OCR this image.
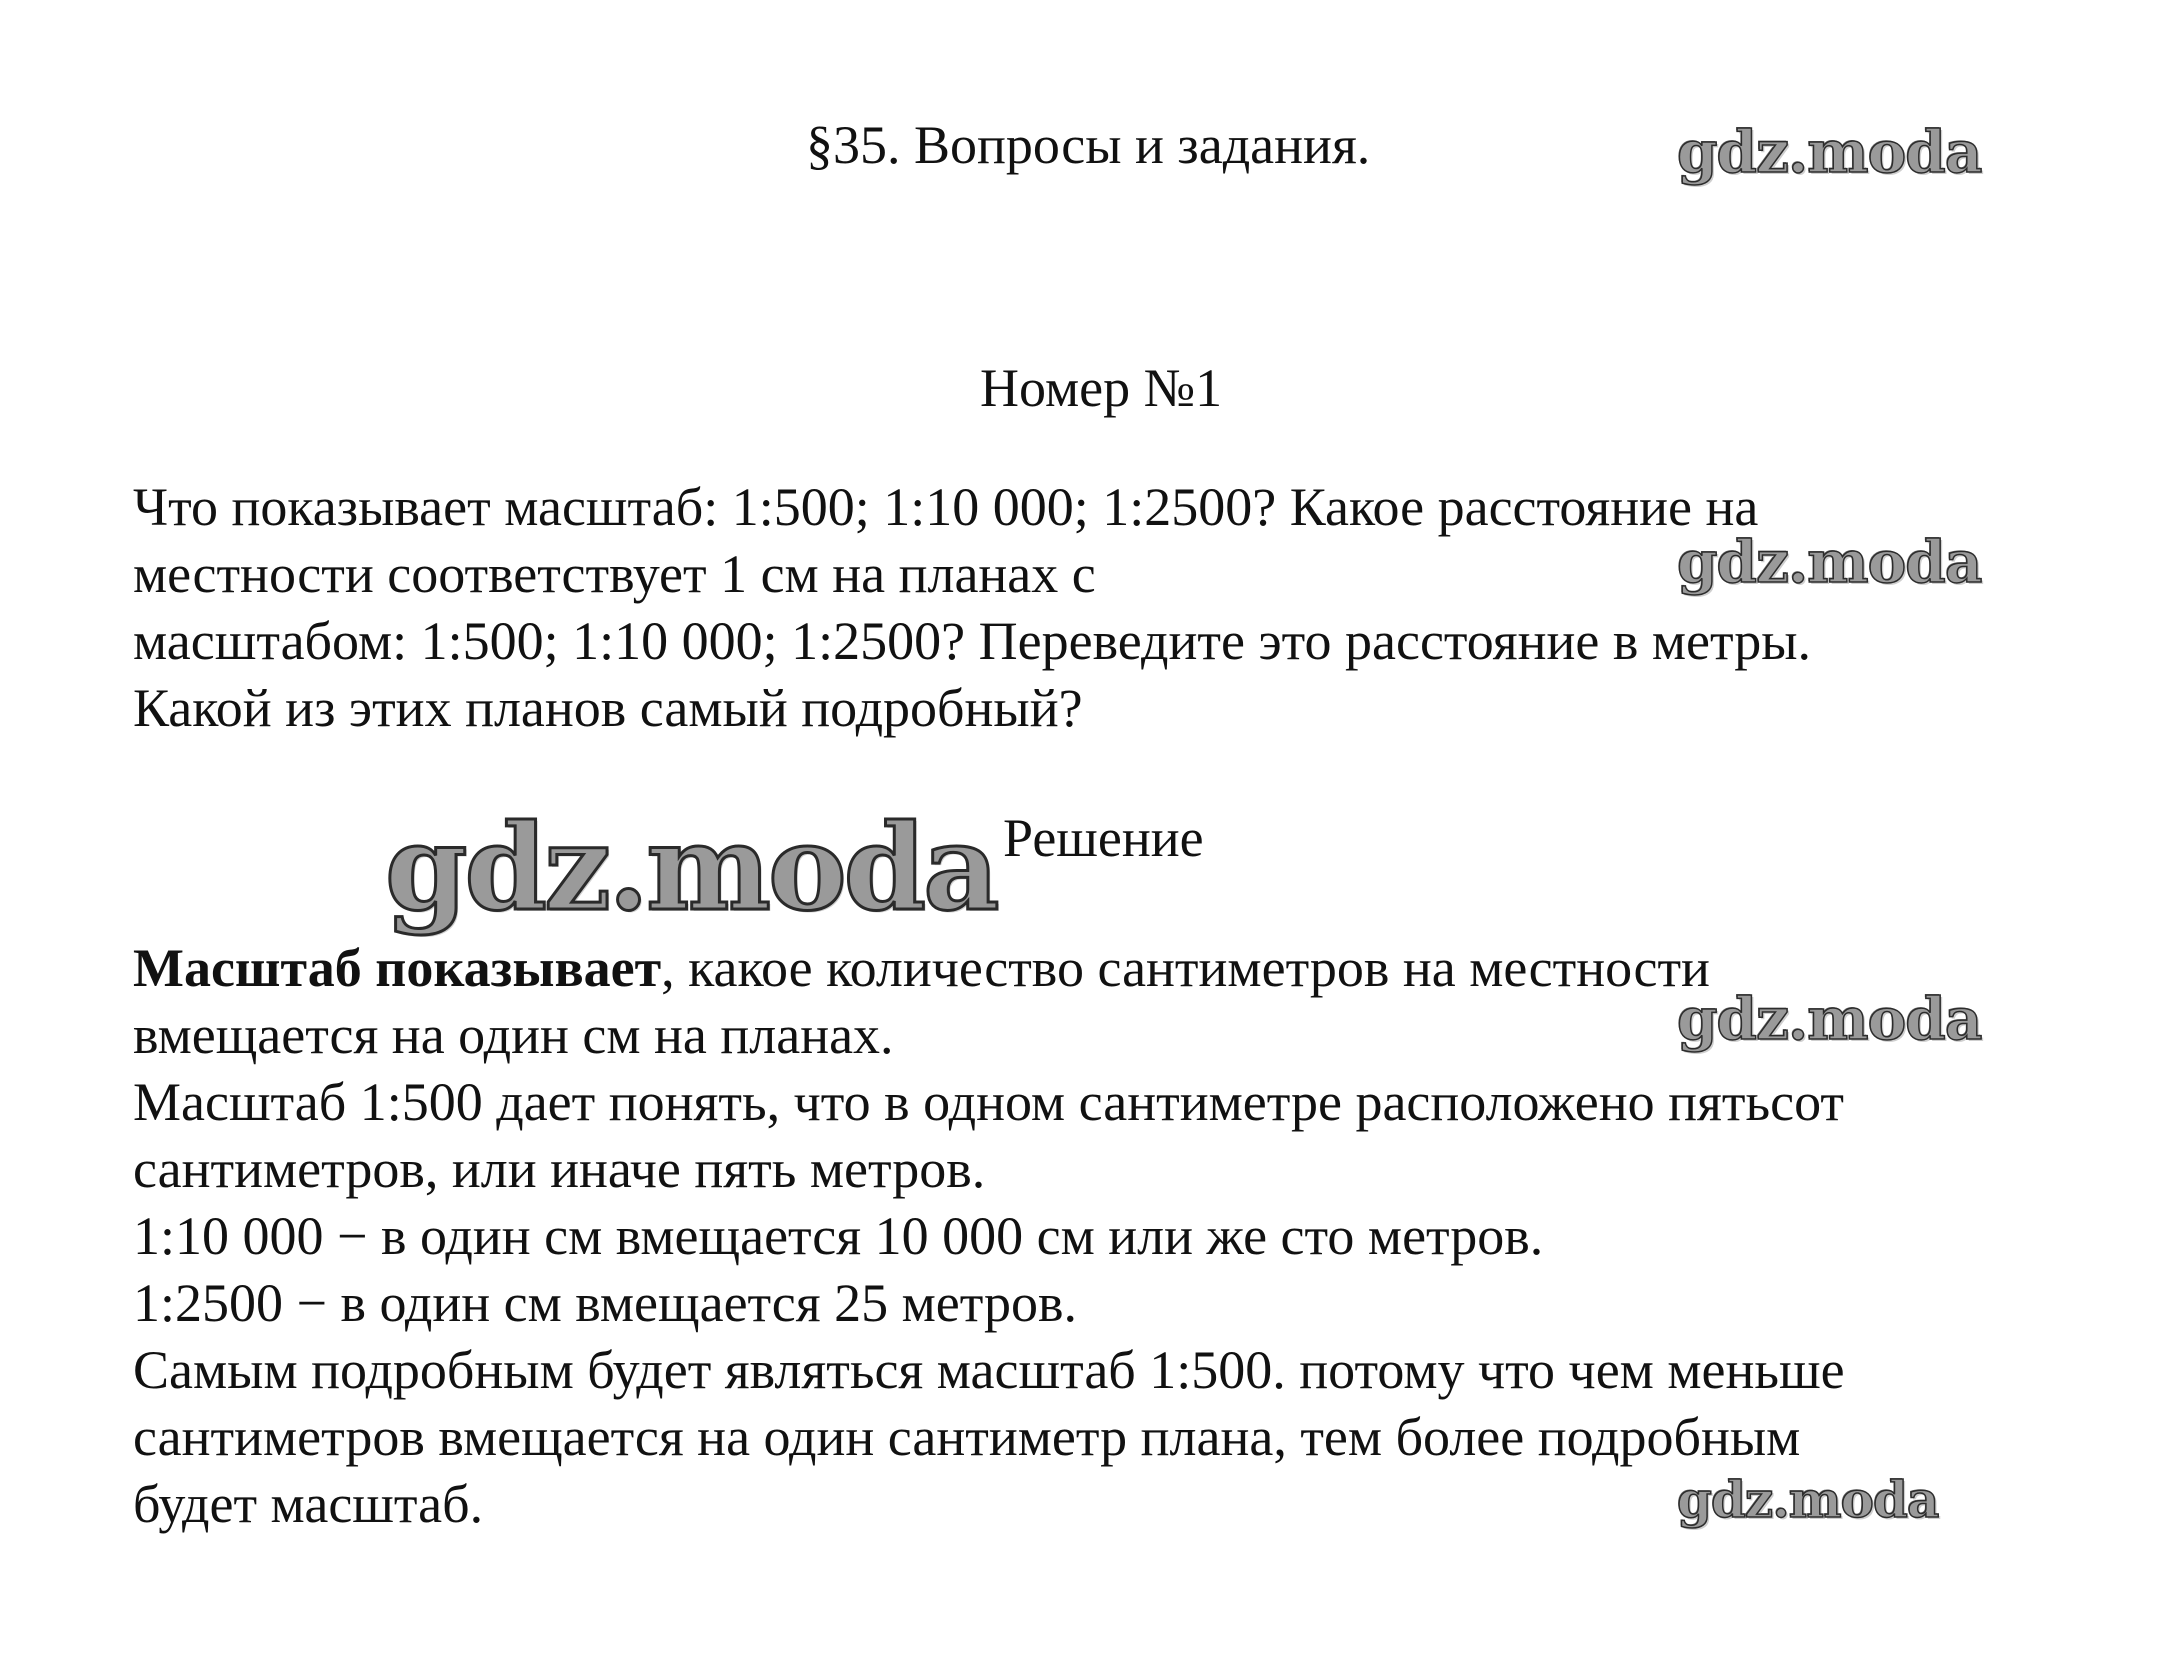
§35. Вопросы и задания.	gdz.moda
Номер №1
Что показывает масштаб: 1:500; 1:10 000; 1:2500? Какое расстояние на
местности соответствует 1 см на планах с
масштабом: 1:500; 1:10 000; 1:2500? Переведите это расстояние в метры.
Какой из этих планов самый подробный?
gdz.moda
gdz.moda Решение
Масштаб показывает, какое количество сантиметров на местности
вмещается на один см на планах.
Масштаб 1:500 дает понять, что в одном сантиметре расположено пятьсот
сантиметров, или иначе пять метров.
1:10 000 − в один см вмещается 10 000 см или же сто метров.
1:2500 − в один см вмещается 25 метров.
Самым подробным будет являться масштаб 1:500. потому что чем меньше
сантиметров вмещается на один сантиметр плана, тем более подробным
будет масштаб.
gdz.moda
gdz.moda
